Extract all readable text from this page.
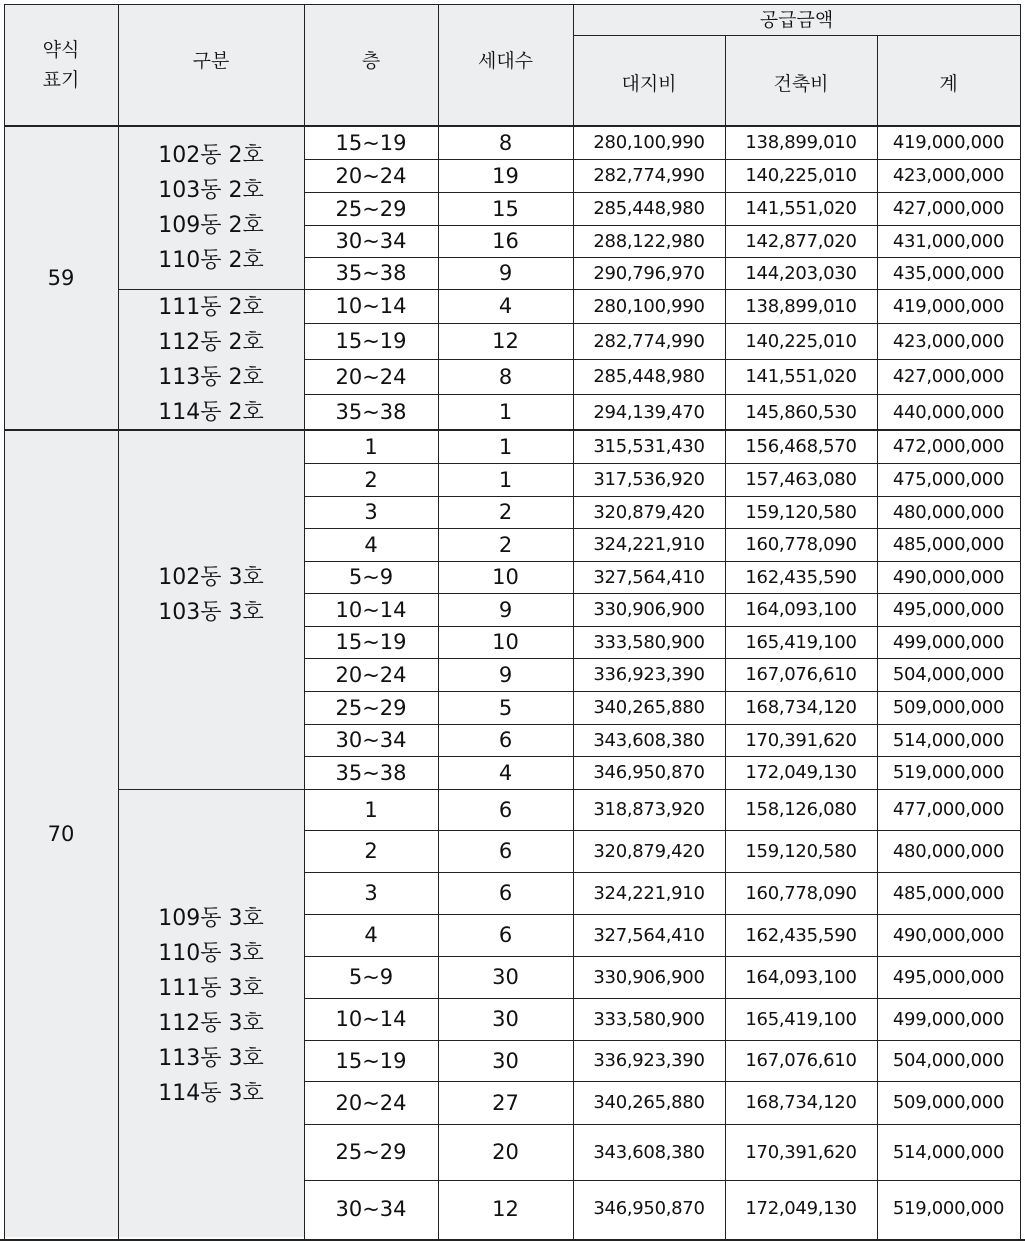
약식
표기
구분	층	세대수
공급금액
대지비	건축비	계
59
102동 2호
103동 2호
109동 2호
110동 2호
15~19	8	280,100,990	138,899,010	419,000,000
20~24	19	282,774,990	140,225,010	423,000,000
25~29	15	285,448,980	141,551,020	427,000,000
30~34	16	288,122,980	142,877,020	431,000,000
35~38	9	290,796,970	144,203,030	435,000,000
111동 2호
112동 2호
113동 2호
114동 2호
10~14	4	280,100,990	138,899,010	419,000,000
15~19	12	282,774,990	140,225,010	423,000,000
20~24	8	285,448,980	141,551,020	427,000,000
35~38	1	294,139,470	145,860,530	440,000,000
70
102동 3호
103동 3호
1	1	315,531,430	156,468,570	472,000,000
2	1	317,536,920	157,463,080	475,000,000
3	2	320,879,420	159,120,580	480,000,000
4	2	324,221,910	160,778,090	485,000,000
5~9	10	327,564,410	162,435,590	490,000,000
10~14	9	330,906,900	164,093,100	495,000,000
15~19	10	333,580,900	165,419,100	499,000,000
20~24	9	336,923,390	167,076,610	504,000,000
25~29	5	340,265,880	168,734,120	509,000,000
30~34	6	343,608,380	170,391,620	514,000,000
35~38	4	346,950,870	172,049,130	519,000,000
109동 3호
110동 3호
111동 3호
112동 3호
113동 3호
114동 3호
1	6	318,873,920	158,126,080	477,000,000
2	6	320,879,420	159,120,580	480,000,000
3	6	324,221,910	160,778,090	485,000,000
4	6	327,564,410	162,435,590	490,000,000
5~9	30	330,906,900	164,093,100	495,000,000
10~14	30	333,580,900	165,419,100	499,000,000
15~19	30	336,923,390	167,076,610	504,000,000
20~24	27	340,265,880	168,734,120	509,000,000
25~29	20	343,608,380	170,391,620	514,000,000
30~34	12	346,950,870	172,049,130	519,000,000
